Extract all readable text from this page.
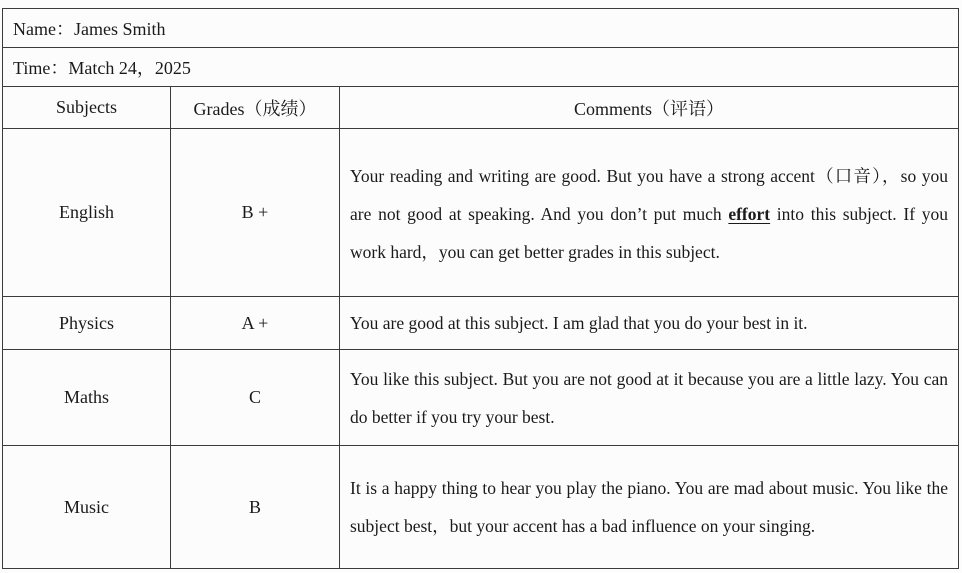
Name：James Smith		
Time：Match 24，2025		
Subjects	Grades（成绩）	Comments（评语）
English	B +	Your reading and writing are good. But you have a strong accent（口音），so you are not good at speaking. And you don’t put much effort into this subject. If you work hard，you can get better grades in this subject.
Physics	A +	You are good at this subject. I am glad that you do your best in it.
Maths	C	You like this subject. But you are not good at it because you are a little lazy. You can do better if you try your best.
Music	B	It is a happy thing to hear you play the piano. You are mad about music. You like the subject best，but your accent has a bad influence on your singing.
